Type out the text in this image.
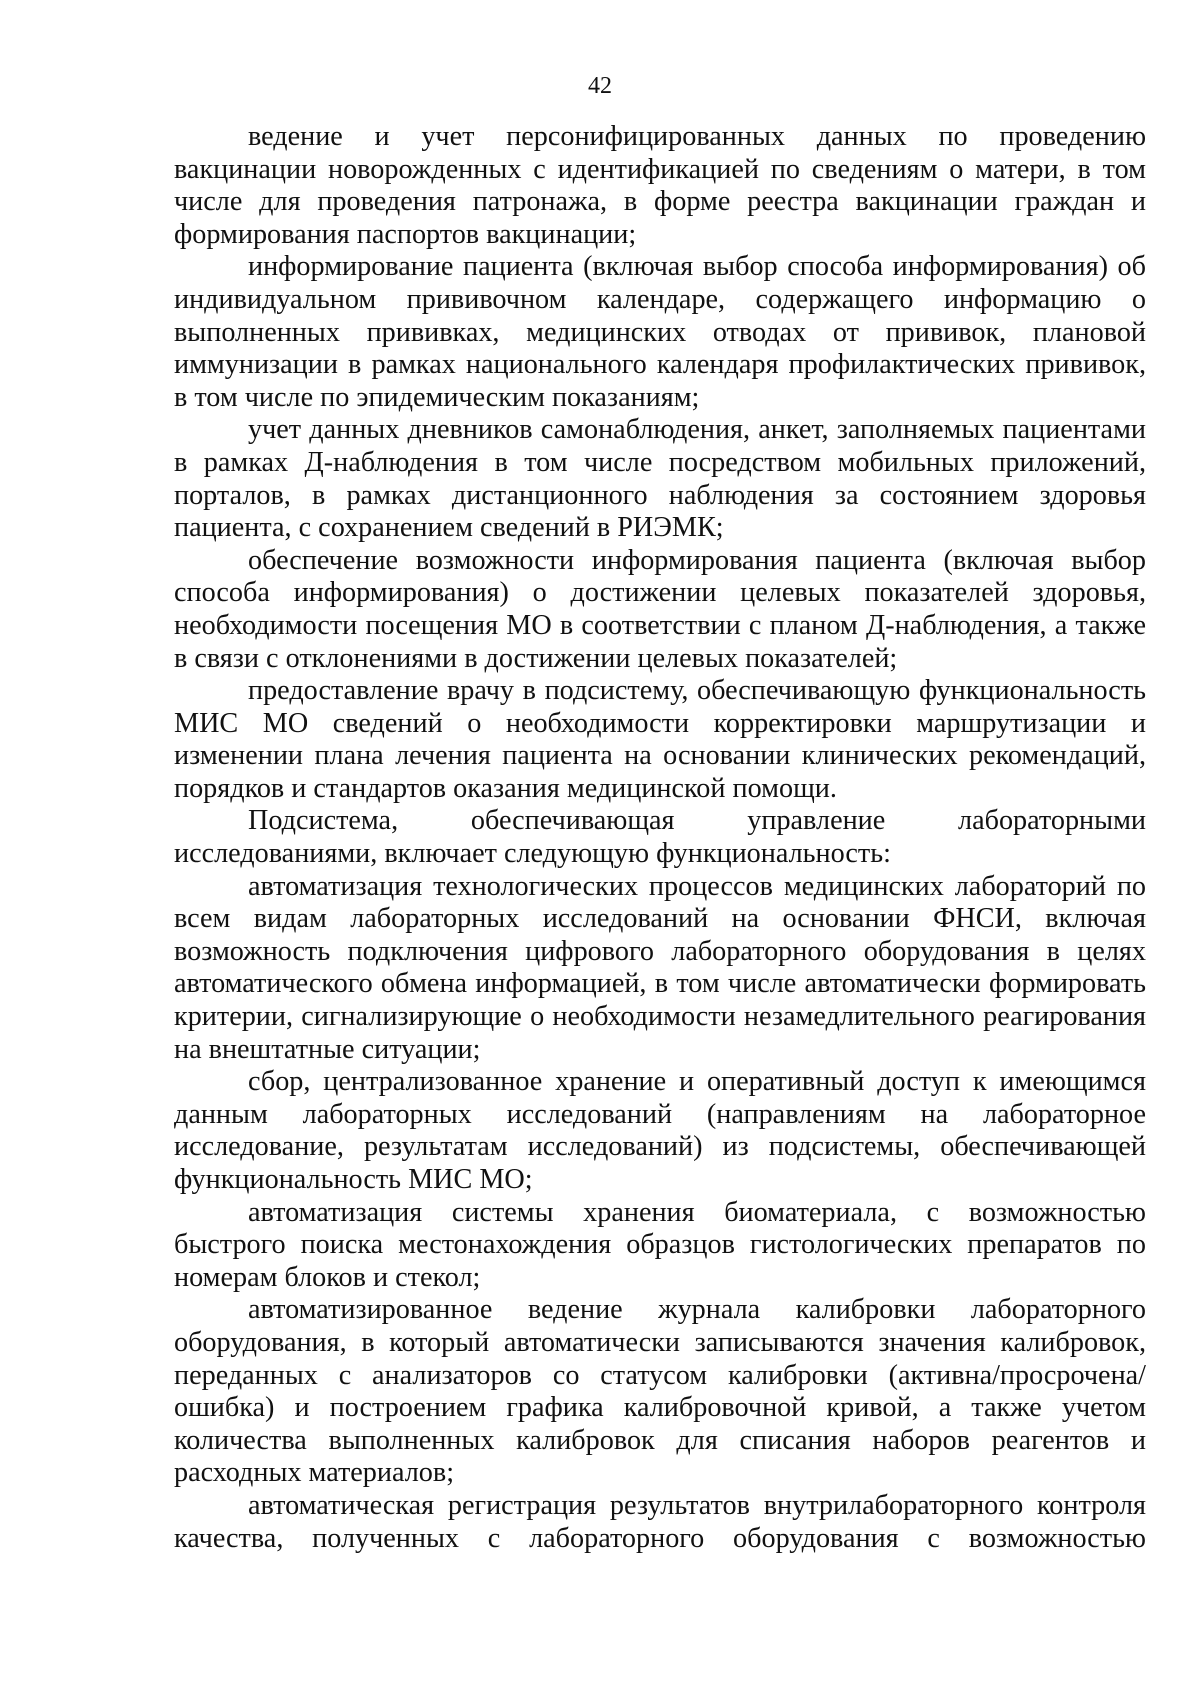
42

ведение и учет персонифицированных данных по проведению вакцинации новорожденных с идентификацией по сведениям о матери, в том числе для проведения патронажа, в форме реестра вакцинации граждан и формирования паспортов вакцинации;

информирование пациента (включая выбор способа информирования) об индивидуальном прививочном календаре, содержащего информацию о выполненных прививках, медицинских отводах от прививок, плановой иммунизации в рамках национального календаря профилактических прививок, в том числе по эпидемическим показаниям;

учет данных дневников самонаблюдения, анкет, заполняемых пациентами в рамках Д-наблюдения в том числе посредством мобильных приложений, порталов, в рамках дистанционного наблюдения за состоянием здоровья пациента, с сохранением сведений в РИЭМК;

обеспечение возможности информирования пациента (включая выбор способа информирования) о достижении целевых показателей здоровья, необходимости посещения МО в соответствии с планом Д-наблюдения, а также в связи с отклонениями в достижении целевых показателей;

предоставление врачу в подсистему, обеспечивающую функциональность МИС МО сведений о необходимости корректировки маршрутизации и изменении плана лечения пациента на основании клинических рекомендаций, порядков и стандартов оказания медицинской помощи.

Подсистема, обеспечивающая управление лабораторными исследованиями, включает следующую функциональность:

автоматизация технологических процессов медицинских лабораторий по всем видам лабораторных исследований на основании ФНСИ, включая возможность подключения цифрового лабораторного оборудования в целях автоматического обмена информацией, в том числе автоматически формировать критерии, сигнализирующие о необходимости незамедлительного реагирования на внештатные ситуации;

сбор, централизованное хранение и оперативный доступ к имеющимся данным лабораторных исследований (направлениям на лабораторное исследование, результатам исследований) из подсистемы, обеспечивающей функциональность МИС МО;

автоматизация системы хранения биоматериала, с возможностью быстрого поиска местонахождения образцов гистологических препаратов по номерам блоков и стекол;

автоматизированное ведение журнала калибровки лабораторного оборудования, в который автоматически записываются значения калибровок, переданных с анализаторов со статусом калибровки (активна/просрочена/ошибка) и построением графика калибровочной кривой, а также учетом количества выполненных калибровок для списания наборов реагентов и расходных материалов;

автоматическая регистрация результатов внутрилабораторного контроля качества, полученных с лабораторного оборудования с возможностью
